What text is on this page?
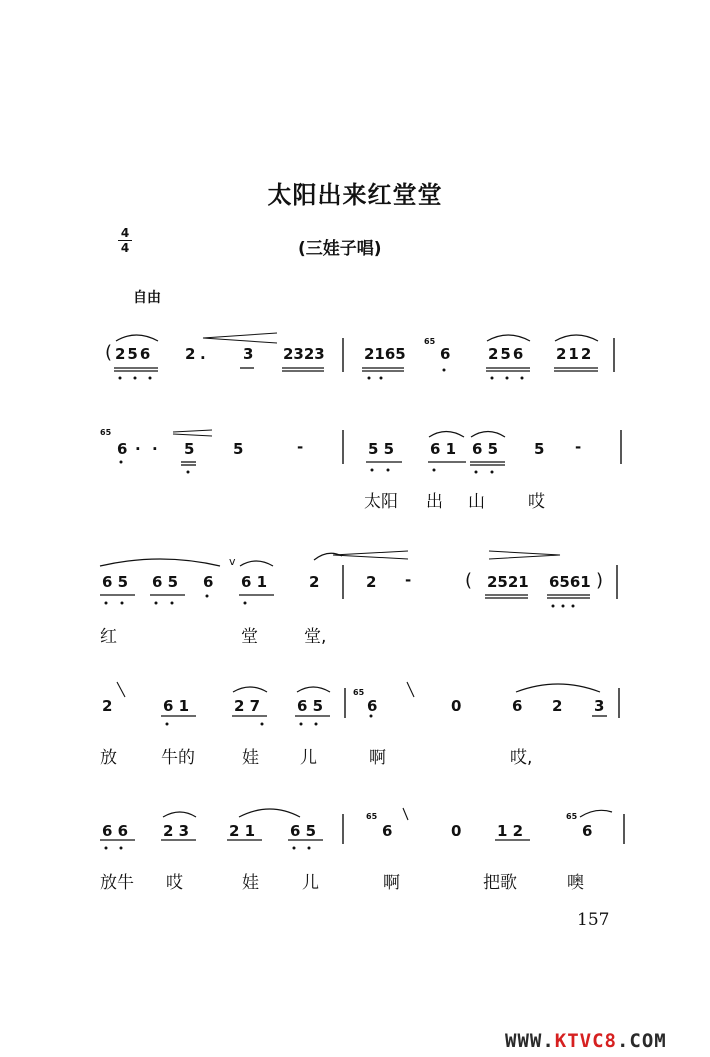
太阳出来红堂堂
4
4	(三娃子唱)
自由
( 256 2 . 3 2323	2165
65
6	256 212
65
6 · · 5	5	-	5 5 6 1 6 5 5 -
太阳 出 山	哎
6 5 6 5 6
v
6 1	2	2 -	( 2521 6561 )
红	堂	堂,
2	6 1	2 7 6 5
65
6	0	6 2 3
放	牛的	娃 儿	啊	哎,
6 6 2 3	2 1 6 5
65
6	0 1 2
65
6
放牛 哎	娃	儿	啊	把歌	噢
157
WWW.KTVC8.COM
